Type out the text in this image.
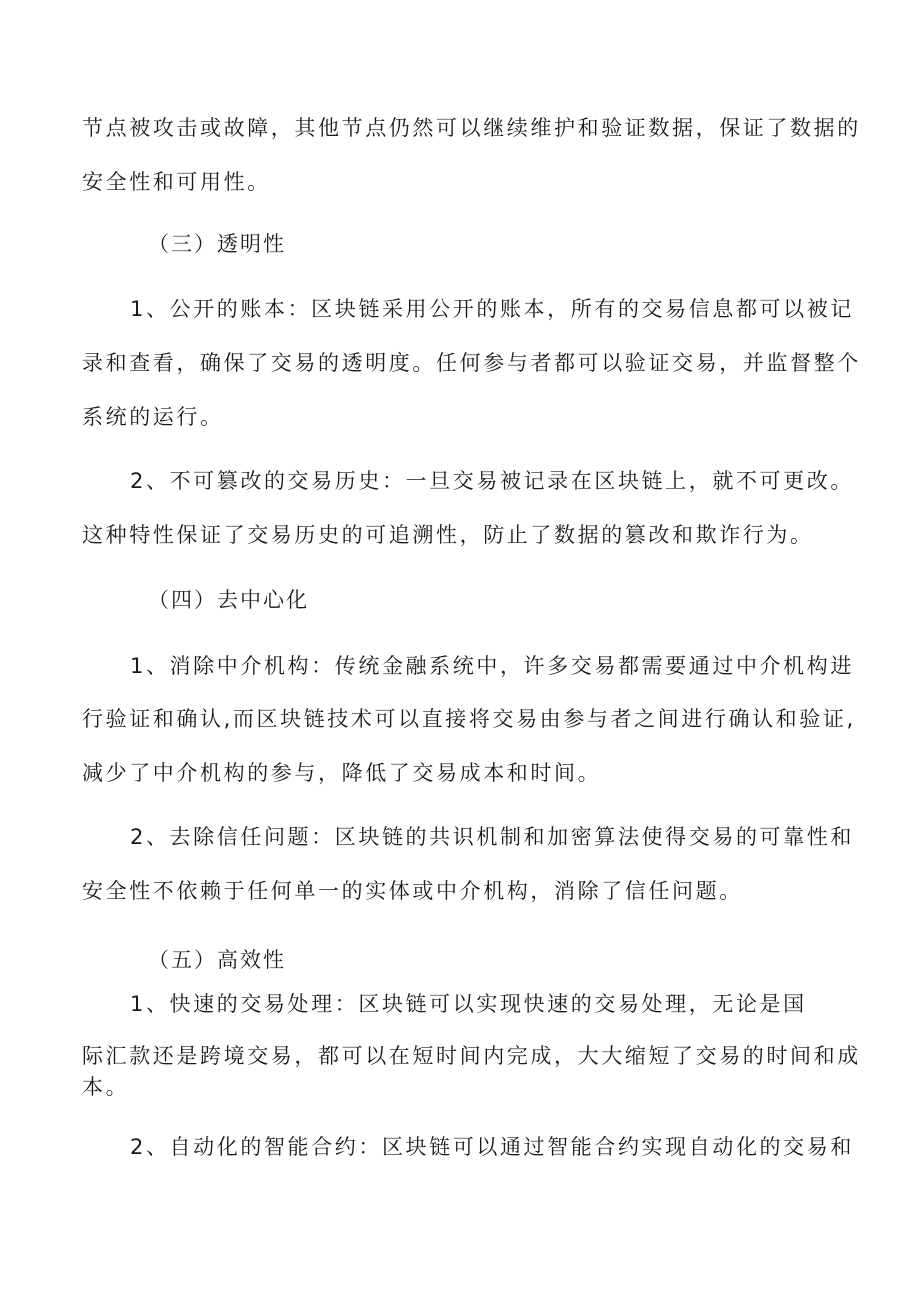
节点被攻击或故障，其他节点仍然可以继续维护和验证数据，保证了数据的

安全性和可用性。

（三）透明性

1、公开的账本：区块链采用公开的账本，所有的交易信息都可以被记

录和查看，确保了交易的透明度。任何参与者都可以验证交易，并监督整个

系统的运行。

2、不可篡改的交易历史：一旦交易被记录在区块链上，就不可更改。

这种特性保证了交易历史的可追溯性，防止了数据的篡改和欺诈行为。

（四）去中心化

1、消除中介机构：传统金融系统中，许多交易都需要通过中介机构进

行验证和确认,而区块链技术可以直接将交易由参与者之间进行确认和验证,

减少了中介机构的参与，降低了交易成本和时间。

2、去除信任问题：区块链的共识机制和加密算法使得交易的可靠性和

安全性不依赖于任何单一的实体或中介机构，消除了信任问题。

（五）高效性

1、快速的交易处理：区块链可以实现快速的交易处理，无论是国

际汇款还是跨境交易，都可以在短时间内完成，大大缩短了交易的时间和成

本。

2、自动化的智能合约：区块链可以通过智能合约实现自动化的交易和
